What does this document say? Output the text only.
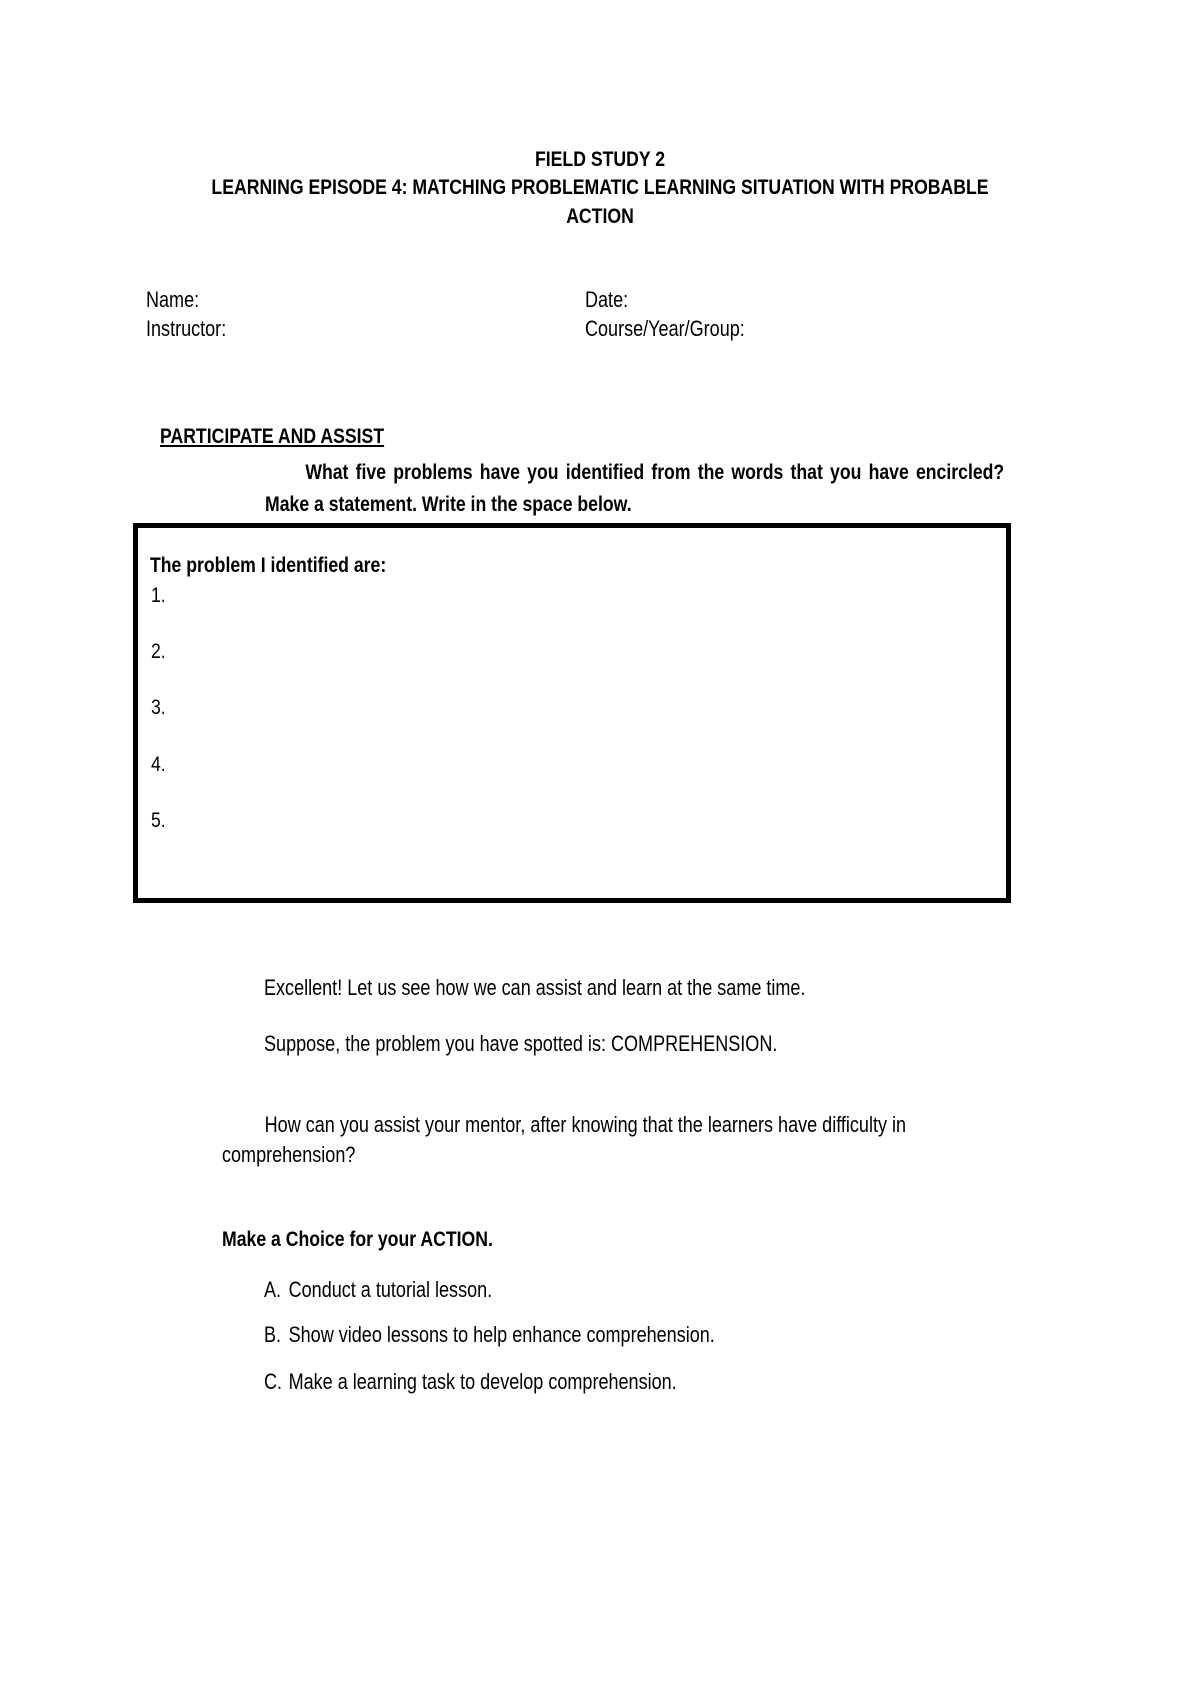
FIELD STUDY 2
LEARNING EPISODE 4: MATCHING PROBLEMATIC LEARNING SITUATION WITH PROBABLE
ACTION
Name:	Date:
Instructor:	Course/Year/Group:
PARTICIPATE AND ASSIST
What five problems have you identified from the words that you have encircled? Make a statement. Write in the space below.
The problem I identified are:
1.
2.
3.
4.
5.
Excellent! Let us see how we can assist and learn at the same time.
Suppose, the problem you have spotted is: COMPREHENSION.
How can you assist your mentor, after knowing that the learners have difficulty in comprehension?
Make a Choice for your ACTION.
A. Conduct a tutorial lesson.
B. Show video lessons to help enhance comprehension.
C. Make a learning task to develop comprehension.
